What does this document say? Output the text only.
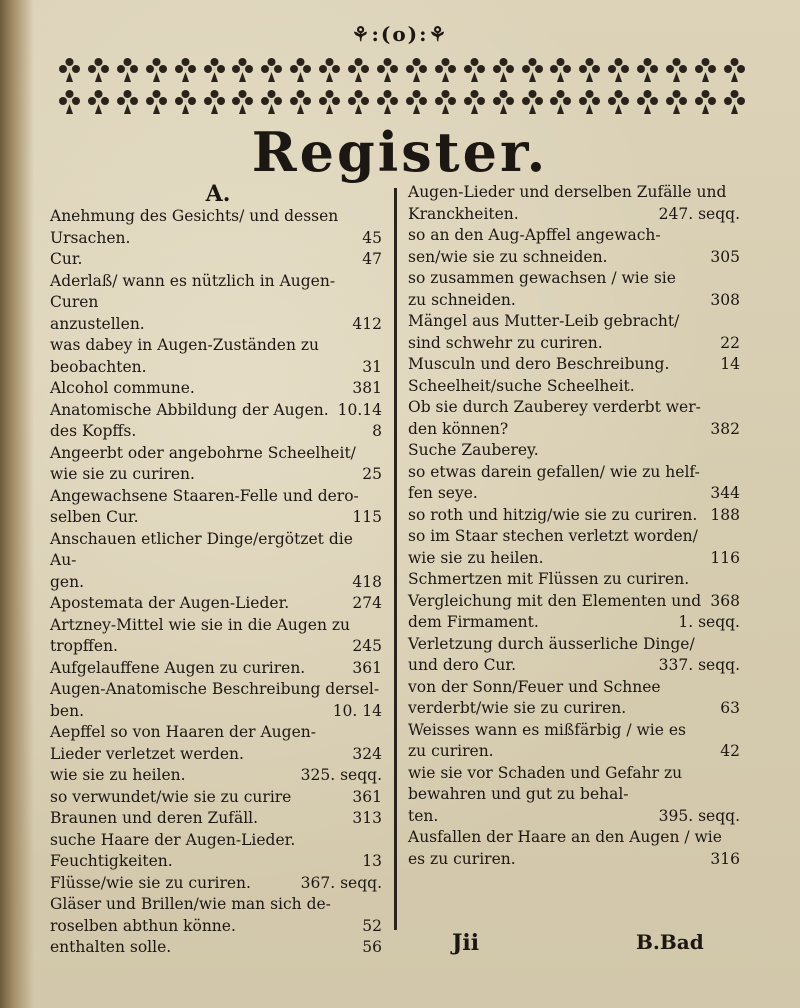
⚘:(o):⚘
Register.
A.
Anehmung des Gesichts/ und dessen
45
Ursachen.
47
Cur.
Aderlaß/ wann es nützlich in Augen-Curen
412
anzustellen.
was dabey in Augen-Zuständen zu
31
beobachten.
381
Alcohol commune.
10.14
Anatomische Abbildung der Augen.
8
des Kopffs.
Angeerbt oder angebohrne Scheelheit/
25
wie sie zu curiren.
Angewachsene Staaren-Felle und dero-
115
selben Cur.
Anschauen etlicher Dinge/ergötzet die Au-
418
gen.
274
Apostemata der Augen-Lieder.
Artzney-Mittel wie sie in die Augen zu
245
tropffen.
361
Aufgelauffene Augen zu curiren.
Augen-Anatomische Beschreibung dersel-
10. 14
ben.
Aepffel so von Haaren der Augen-
324
Lieder verletzet werden.
325. seqq.
wie sie zu heilen.
361
so verwundet/wie sie zu curire
313
Braunen und deren Zufäll.
suche Haare der Augen-Lieder.
13
Feuchtigkeiten.
367. seqq.
Flüsse/wie sie zu curiren.
Gläser und Brillen/wie man sich de-
52
roselben abthun könne.
56
enthalten solle.
Augen-Lieder und derselben Zufälle und
247. seqq.
Kranckheiten.
so an den Aug-Apffel angewach-
305
sen/wie sie zu schneiden.
so zusammen gewachsen / wie sie
308
zu schneiden.
Mängel aus Mutter-Leib gebracht/
22
sind schwehr zu curiren.
14
Musculn und dero Beschreibung.
Scheelheit/suche Scheelheit.
Ob sie durch Zauberey verderbt wer-
382
den können?
Suche Zauberey.
so etwas darein gefallen/ wie zu helf-
344
fen seye.
188
so roth und hitzig/wie sie zu curiren.
so im Staar stechen verletzt worden/
116
wie sie zu heilen.
Schmertzen mit Flüssen zu curiren.
368
Vergleichung mit den Elementen und
1. seqq.
dem Firmament.
Verletzung durch äusserliche Dinge/
337. seqq.
und dero Cur.
von der Sonn/Feuer und Schnee
63
verderbt/wie sie zu curiren.
Weisses wann es mißfärbig / wie es
42
zu curiren.
wie sie vor Schaden und Gefahr zu
bewahren und gut zu behal-
395. seqq.
ten.
Ausfallen der Haare an den Augen / wie
316
es zu curiren.
Jii	B.Bad
